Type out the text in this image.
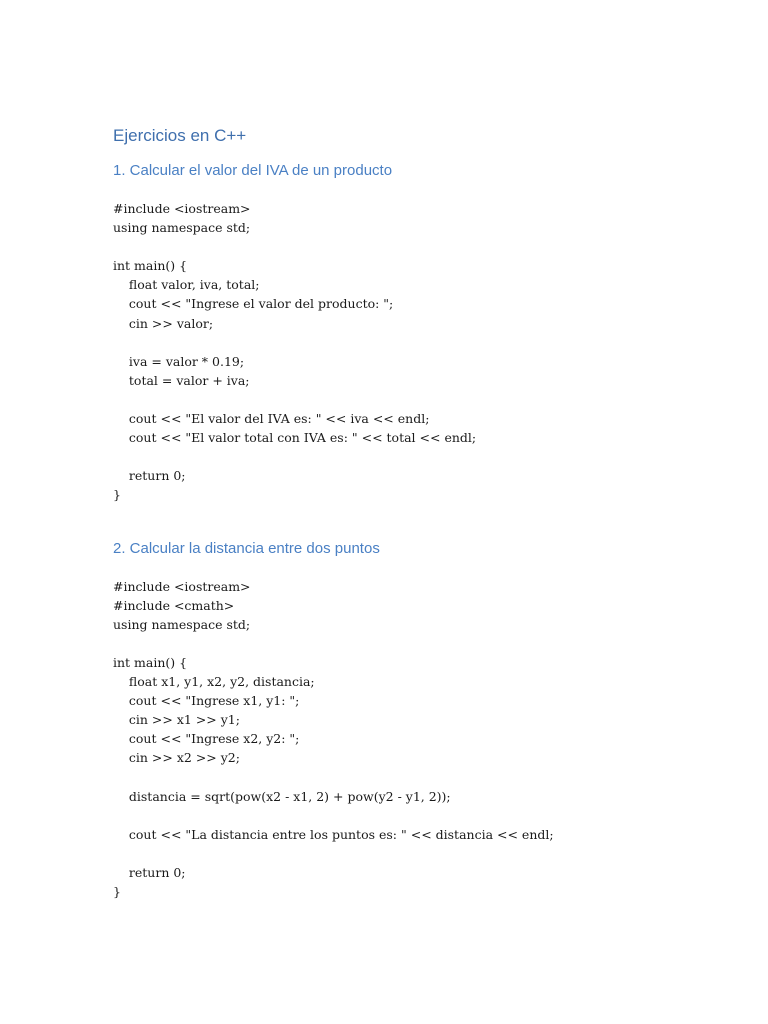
Ejercicios en C++
1. Calcular el valor del IVA de un producto
#include <iostream>
using namespace std;
int main() {
float valor, iva, total;
cout << "Ingrese el valor del producto: ";
cin >> valor;
iva = valor * 0.19;
total = valor + iva;
cout << "El valor del IVA es: " << iva << endl;
cout << "El valor total con IVA es: " << total << endl;
return 0;
}
2. Calcular la distancia entre dos puntos
#include <iostream>
#include <cmath>
using namespace std;
int main() {
float x1, y1, x2, y2, distancia;
cout << "Ingrese x1, y1: ";
cin >> x1 >> y1;
cout << "Ingrese x2, y2: ";
cin >> x2 >> y2;
distancia = sqrt(pow(x2 - x1, 2) + pow(y2 - y1, 2));
cout << "La distancia entre los puntos es: " << distancia << endl;
return 0;
}
